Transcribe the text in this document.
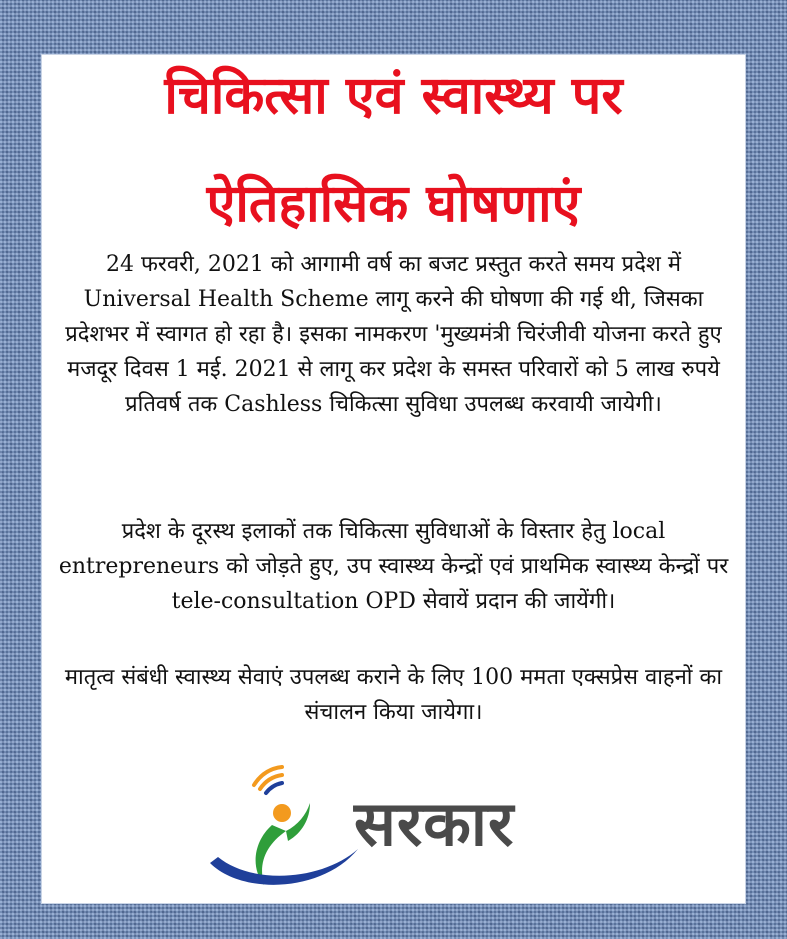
चिकित्सा एवं स्वास्थ्य पर
ऐतिहासिक घोषणाएं

24 फरवरी, 2021 को आगामी वर्ष का बजट प्रस्तुत करते समय प्रदेश में Universal Health Scheme लागू करने की घोषणा की गई थी, जिसका प्रदेशभर में स्वागत हो रहा है। इसका नामकरण 'मुख्यमंत्री चिरंजीवी योजना करते हुए मजदूर दिवस 1 मई. 2021 से लागू कर प्रदेश के समस्त परिवारों को 5 लाख रुपये प्रतिवर्ष तक Cashless चिकित्सा सुविधा उपलब्ध करवायी जायेगी।

प्रदेश के दूरस्थ इलाकों तक चिकित्सा सुविधाओं के विस्तार हेतु local entrepreneurs को जोड़ते हुए, उप स्वास्थ्य केन्द्रों एवं प्राथमिक स्वास्थ्य केन्द्रों पर tele-consultation OPD सेवायें प्रदान की जायेंगी।

मातृत्व संबंधी स्वास्थ्य सेवाएं उपलब्ध कराने के लिए 100 ममता एक्सप्रेस वाहनों का संचालन किया जायेगा।

सरकार
